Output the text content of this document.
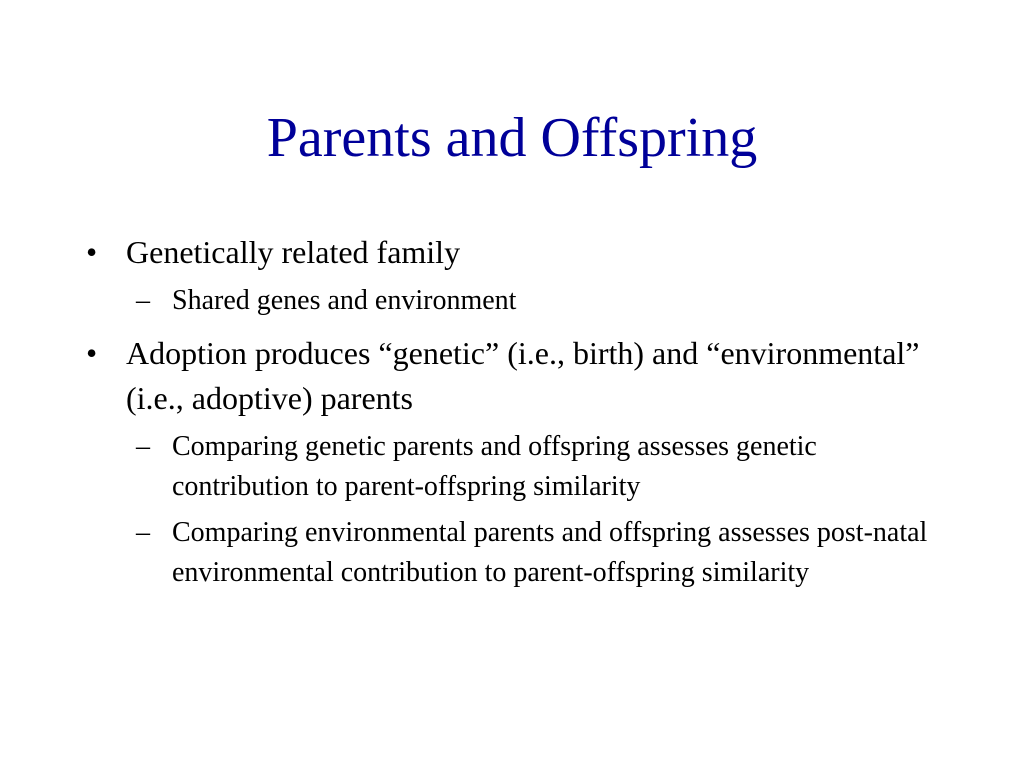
Parents and Offspring
• Genetically related family
– Shared genes and environment
• Adoption produces “genetic” (i.e., birth) and “environmental” (i.e., adoptive) parents
– Comparing genetic parents and offspring assesses genetic contribution to parent-offspring similarity
– Comparing environmental parents and offspring assesses post-natal environmental contribution to parent-offspring similarity
